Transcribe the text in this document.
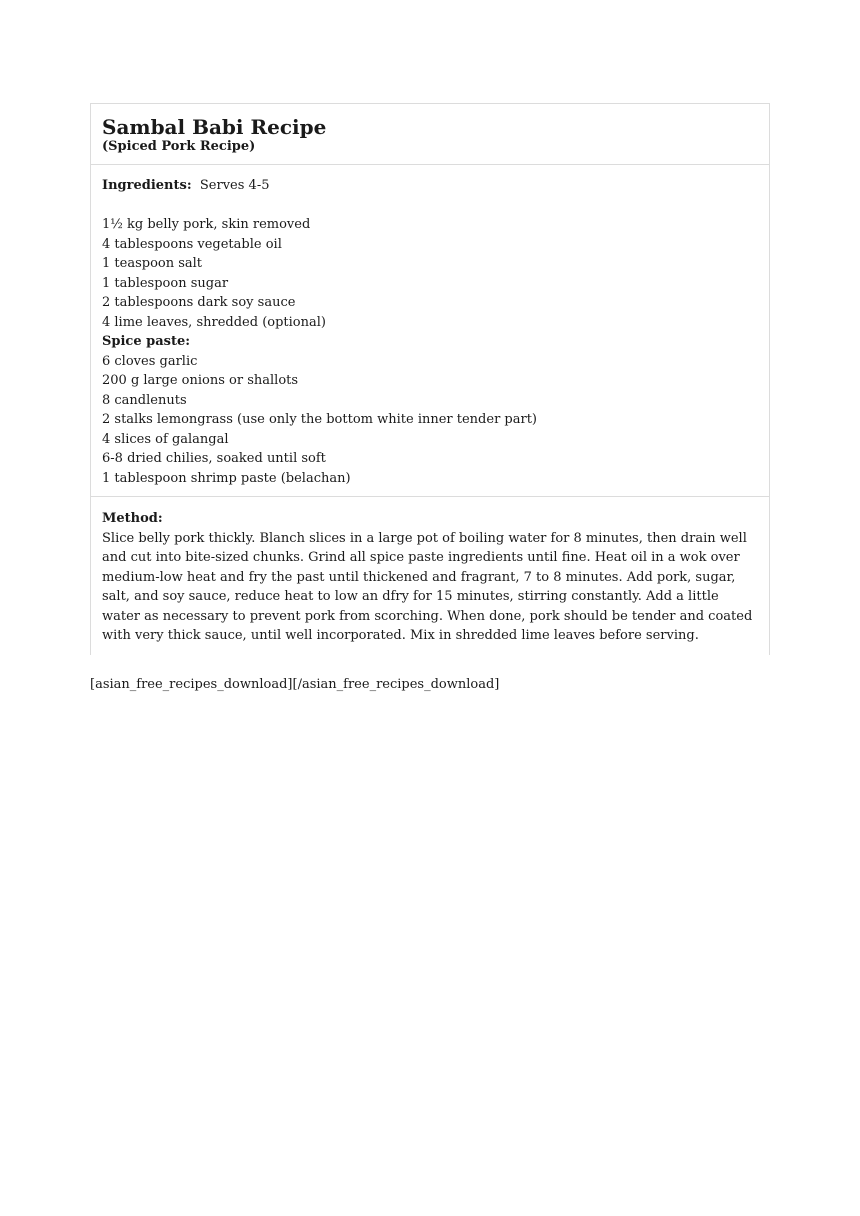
Sambal Babi Recipe
(Spiced Pork Recipe)
Ingredients: Serves 4-5
1½ kg belly pork, skin removed
4 tablespoons vegetable oil
1 teaspoon salt
1 tablespoon sugar
2 tablespoons dark soy sauce
4 lime leaves, shredded (optional)
Spice paste:
6 cloves garlic
200 g large onions or shallots
8 candlenuts
2 stalks lemongrass (use only the bottom white inner tender part)
4 slices of galangal
6-8 dried chilies, soaked until soft
1 tablespoon shrimp paste (belachan)
Method:
Slice belly pork thickly. Blanch slices in a large pot of boiling water for 8 minutes, then drain well
and cut into bite-sized chunks. Grind all spice paste ingredients until fine. Heat oil in a wok over
medium-low heat and fry the past until thickened and fragrant, 7 to 8 minutes. Add pork, sugar,
salt, and soy sauce, reduce heat to low an dfry for 15 minutes, stirring constantly. Add a little
water as necessary to prevent pork from scorching. When done, pork should be tender and coated
with very thick sauce, until well incorporated. Mix in shredded lime leaves before serving.
[asian_free_recipes_download][/asian_free_recipes_download]
